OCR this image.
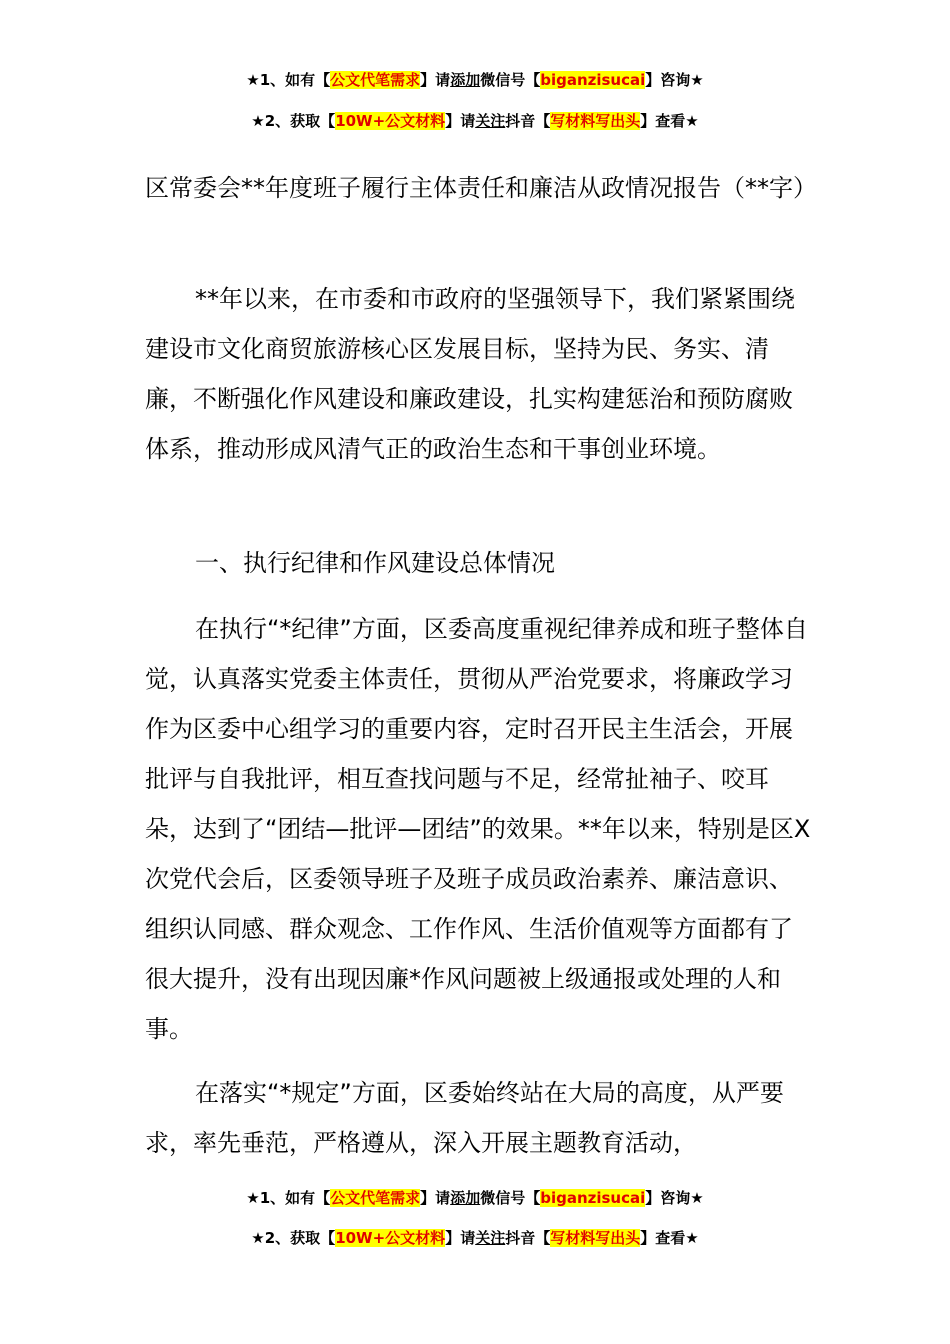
★1、如有【公文代笔需求】请添加微信号【biganzisucai】咨询★
★2、获取【10W+公文材料】请关注抖音【写材料写出头】查看★
区常委会**年度班子履行主体责任和廉洁从政情况报告（**字）

**年以来，在市委和市政府的坚强领导下，我们紧紧围绕建设市文化商贸旅游核心区发展目标，坚持为民、务实、清廉，不断强化作风建设和廉政建设，扎实构建惩治和预防腐败体系，推动形成风清气正的政治生态和干事创业环境。

一、执行纪律和作风建设总体情况

在执行“*纪律”方面，区委高度重视纪律养成和班子整体自觉，认真落实党委主体责任，贯彻从严治党要求，将廉政学习作为区委中心组学习的重要内容，定时召开民主生活会，开展批评与自我批评，相互查找问题与不足，经常扯袖子、咬耳朵，达到了“团结—批评—团结”的效果。**年以来，特别是区X次党代会后，区委领导班子及班子成员政治素养、廉洁意识、组织认同感、群众观念、工作作风、生活价值观等方面都有了很大提升，没有出现因廉*作风问题被上级通报或处理的人和事。

在落实“*规定”方面，区委始终站在大局的高度，从严要求，率先垂范，严格遵从，深入开展主题教育活动，

★1、如有【公文代笔需求】请添加微信号【biganzisucai】咨询★
★2、获取【10W+公文材料】请关注抖音【写材料写出头】查看★
